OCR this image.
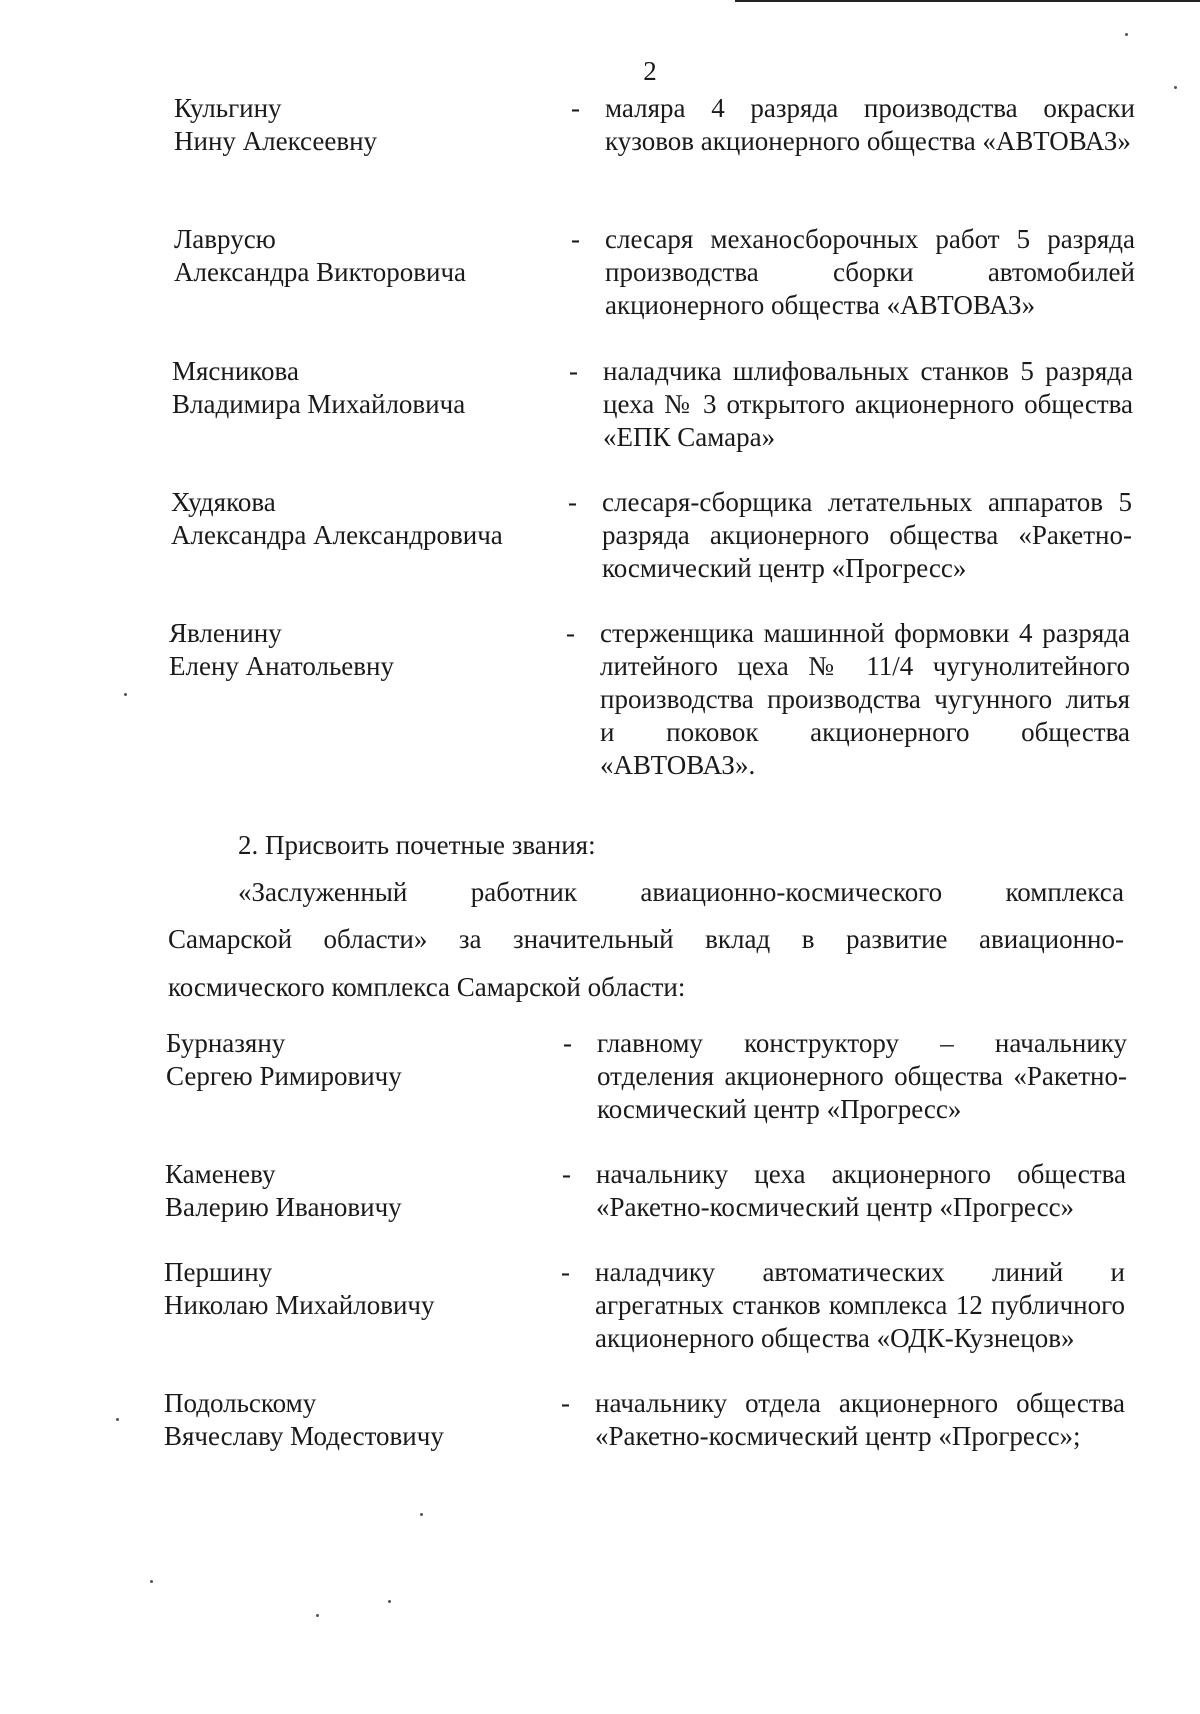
2
Кульгину
Нину Алексеевну
- маляра 4 разряда производства окраски кузовов акционерного общества «АВТОВАЗ»
Лаврусю
Александра Викторовича
- слесаря механосборочных работ 5 разряда производства сборки автомобилей акционерного общества «АВТОВАЗ»
Мясникова
Владимира Михайловича
- наладчика шлифовальных станков 5 разряда цеха № 3 открытого акционерного общества «ЕПК Самара»
Худякова
Александра Александровича
- слесаря-сборщика летательных аппаратов 5 разряда акционерного общества «Ракетно-космический центр «Прогресс»
Явленину
Елену Анатольевну
- стерженщика машинной формовки 4 разряда литейного цеха № 11/4 чугунолитейного производства производства чугунного литья и поковок акционерного общества «АВТОВАЗ».
2. Присвоить почетные звания:
«Заслуженный работник авиационно-космического комплекса
Самарской области» за значительный вклад в развитие авиационно-
космического комплекса Самарской области:
Бурназяну
Сергею Римировичу
- главному конструктору – начальнику отделения акционерного общества «Ракетно-космический центр «Прогресс»
Каменеву
Валерию Ивановичу
- начальнику цеха акционерного общества «Ракетно-космический центр «Прогресс»
Першину
Николаю Михайловичу
- наладчику автоматических линий и агрегатных станков комплекса 12 публичного акционерного общества «ОДК-Кузнецов»
Подольскому
Вячеславу Модестовичу
- начальнику отдела акционерного общества «Ракетно-космический центр «Прогресс»;
